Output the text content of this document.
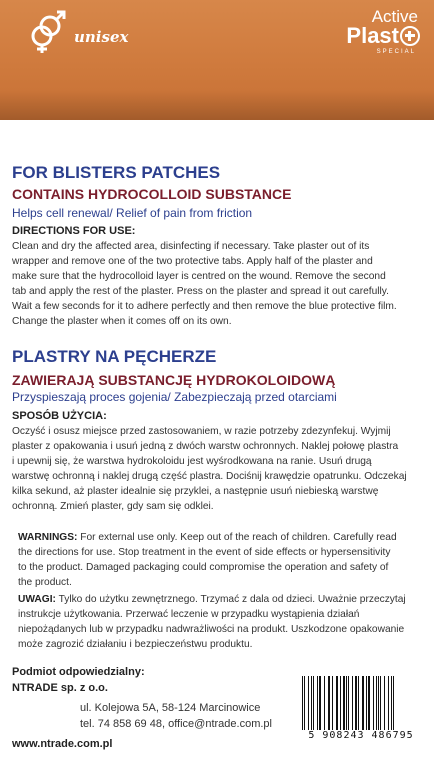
unisex
Active
Plast
SPECIAL
FOR BLISTERS PATCHES
CONTAINS HYDROCOLLOID SUBSTANCE
Helps cell renewal/ Relief of pain from friction
DIRECTIONS FOR USE:
Clean and dry the affected area, disinfecting if necessary. Take plaster out of its
wrapper and remove one of the two protective tabs. Apply half of the plaster and
make sure that the hydrocolloid layer is centred on the wound. Remove the second
tab and apply the rest of the plaster. Press on the plaster and spread it out carefully.
Wait a few seconds for it to adhere perfectly and then remove the blue protective film.
Change the plaster when it comes off on its own.
PLASTRY NA PĘCHERZE
ZAWIERAJĄ SUBSTANCJĘ HYDROKOLOIDOWĄ
Przyspieszają proces gojenia/ Zabezpieczają przed otarciami
SPOSÓB UŻYCIA:
Oczyść i osusz miejsce przed zastosowaniem, w razie potrzeby zdezynfekuj. Wyjmij
plaster z opakowania i usuń jedną z dwóch warstw ochronnych. Naklej połowę plastra
i upewnij się, że warstwa hydrokoloidu jest wyśrodkowana na ranie. Usuń drugą
warstwę ochronną i naklej drugą część plastra. Dociśnij krawędzie opatrunku. Odczekaj
kilka sekund, aż plaster idealnie się przyklei, a następnie usuń niebieską warstwę
ochronną. Zmień plaster, gdy sam się odklei.
WARNINGS: For external use only. Keep out of the reach of children. Carefully read
the directions for use. Stop treatment in the event of side effects or hypersensitivity
to the product. Damaged packaging could compromise the operation and safety of
the product.
UWAGI: Tylko do użytku zewnętrznego. Trzymać z dala od dzieci. Uważnie przeczytaj
instrukcje użytkowania. Przerwać leczenie w przypadku wystąpienia działań
niepożądanych lub w przypadku nadwrażliwości na produkt. Uszkodzone opakowanie
może zagrozić działaniu i bezpieczeństwu produktu.
Podmiot odpowiedzialny:
NTRADE sp. z o.o.
ul. Kolejowa 5A, 58-124 Marcinowice
tel. 74 858 69 48, office@ntrade.com.pl
www.ntrade.com.pl
5 908243 486795
